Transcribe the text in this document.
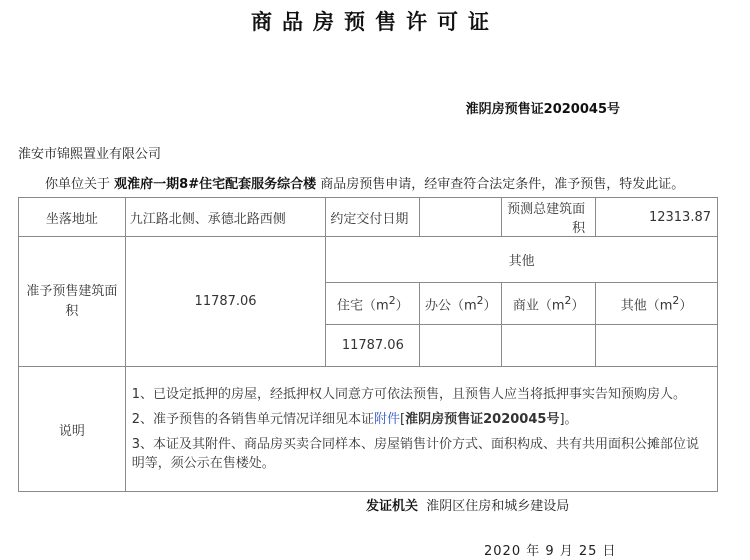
商品房预售许可证
淮阴房预售证2020045号
淮安市锦熙置业有限公司
你单位关于 观淮府一期8#住宅配套服务综合楼 商品房预售申请，经审查符合法定条件，准予预售，特发此证。
坐落地址	九江路北侧、承德北路西侧	约定交付日期		预测总建筑面积	12313.87
准予预售建筑面积	11787.06	其他			
		住宅$(m^2)$	办公$(m^2)$	商业$(m^2)$	其他$(m^2)$
		11787.06			
说明	1、已设定抵押的房屋，经抵押权人同意方可依法预售，且预售人应当将抵押事实告知预购房人。

2、准予预售的各销售单元情况详细见本证附件[淮阴房预售证2020045号]。

3、本证及其附件、商品房买卖合同样本、房屋销售计价方式、面积构成、共有共用面积公摊部位说明等，须公示在售楼处。				

发证机关 淮阴区住房和城乡建设局
2020 年 9 月 25 日
